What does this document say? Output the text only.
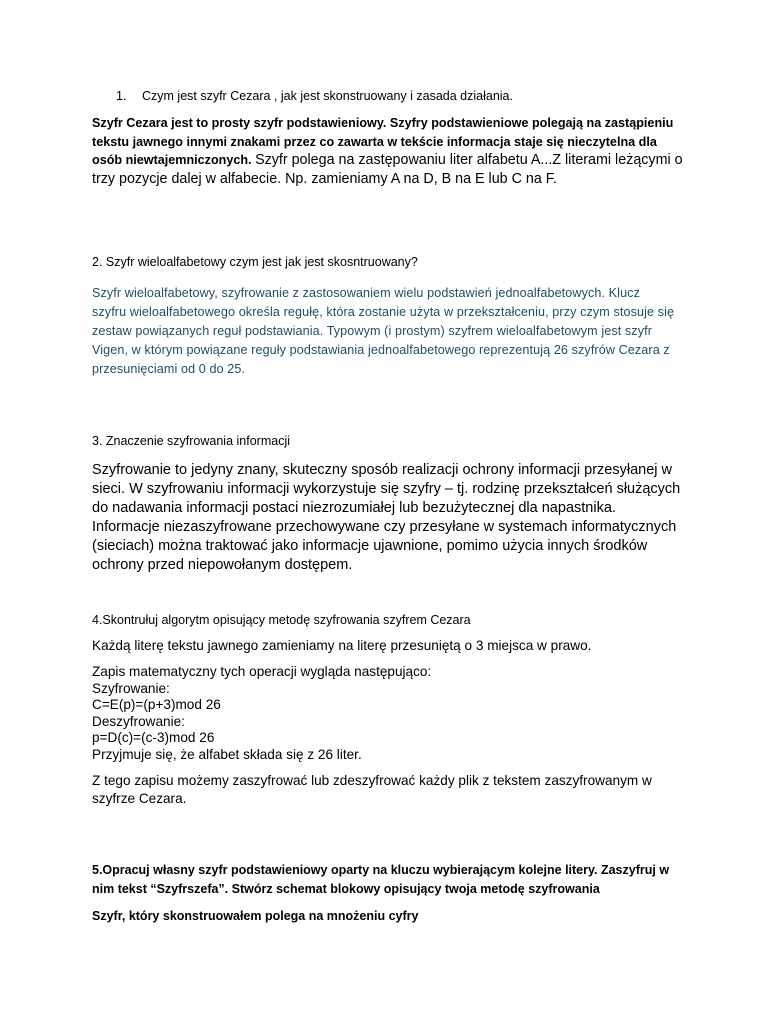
1. Czym jest szyfr Cezara , jak jest skonstruowany i zasada działania.

Szyfr Cezara jest to prosty szyfr podstawieniowy. Szyfry podstawieniowe polegają na zastąpieniu tekstu jawnego innymi znakami przez co zawarta w tekście informacja staje się nieczytelna dla osób niewtajemniczonych. Szyfr polega na zastępowaniu liter alfabetu A...Z literami leżącymi o trzy pozycje dalej w alfabecie. Np. zamieniamy A na D, B na E lub C na F.

2. Szyfr wieloalfabetowy czym jest jak jest skosntruowany?

Szyfr wieloalfabetowy, szyfrowanie z zastosowaniem wielu podstawień jednoalfabetowych. Klucz szyfru wieloalfabetowego określa regułę, która zostanie użyta w przekształceniu, przy czym stosuje się zestaw powiązanych reguł podstawiania. Typowym (i prostym) szyfrem wieloalfabetowym jest szyfr Vigen, w którym powiązane reguły podstawiania jednoalfabetowego reprezentują 26 szyfrów Cezara z przesunięciami od 0 do 25.

3. Znaczenie szyfrowania informacji

Szyfrowanie to jedyny znany, skuteczny sposób realizacji ochrony informacji przesyłanej w sieci. W szyfrowaniu informacji wykorzystuje się szyfry – tj. rodzinę przekształceń służących do nadawania informacji postaci niezrozumiałej lub bezużytecznej dla napastnika. Informacje niezaszyfrowane przechowywane czy przesyłane w systemach informatycznych (sieciach) można traktować jako informacje ujawnione, pomimo użycia innych środków ochrony przed niepowołanym dostępem.

4.Skontrułuj algorytm opisujący metodę szyfrowania szyfrem Cezara

Każdą literę tekstu jawnego zamieniamy na literę przesuniętą o 3 miejsca w prawo.

Zapis matematyczny tych operacji wygląda następująco:
Szyfrowanie:
C=E(p)=(p+3)mod 26
Deszyfrowanie:
p=D(c)=(c-3)mod 26
Przyjmuje się, że alfabet składa się z 26 liter.

Z tego zapisu możemy zaszyfrować lub zdeszyfrować każdy plik z tekstem zaszyfrowanym w szyfrze Cezara.

5.Opracuj własny szyfr podstawieniowy oparty na kluczu wybierającym kolejne litery. Zaszyfruj w nim tekst “Szyfrszefa”. Stwórz schemat blokowy opisujący twoja metodę szyfrowania

Szyfr, który skonstruowałem polega na mnożeniu cyfry
